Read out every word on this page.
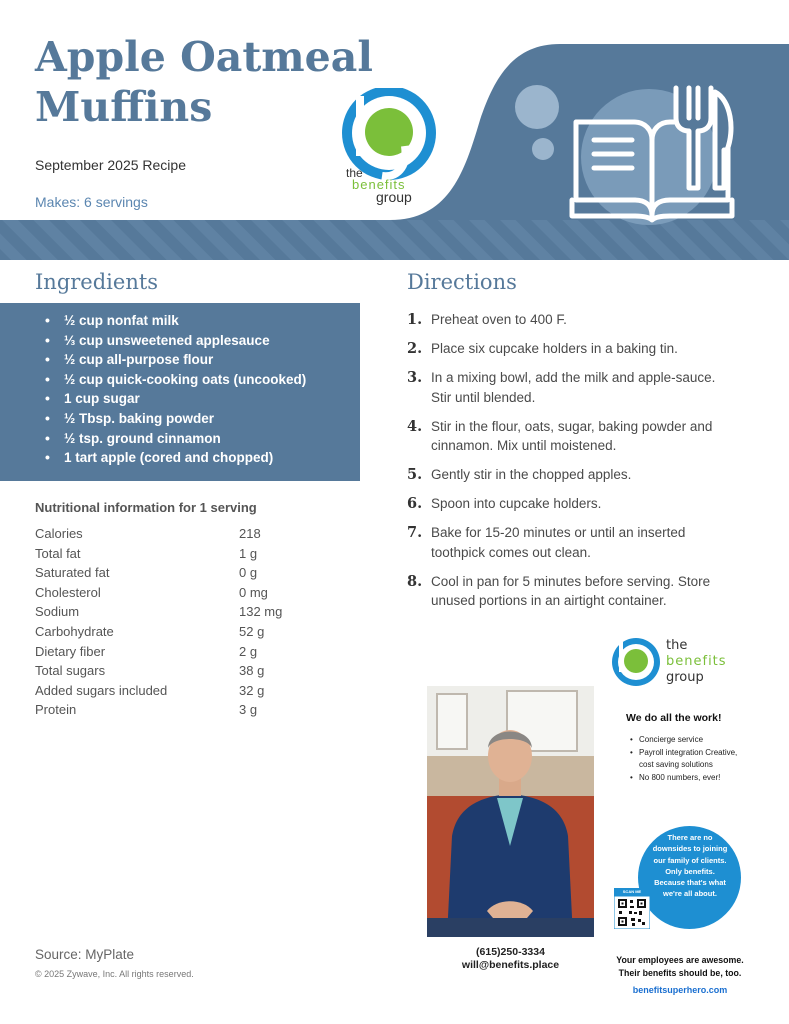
the
benefits
group
Apple Oatmeal
Muffins
September 2025 Recipe
Makes: 6 servings
Ingredients
• ½ cup nonfat milk
• ⅓ cup unsweetened applesauce
• ½ cup all-purpose flour
• ½ cup quick-cooking oats (uncooked)
• 1 cup sugar
• ½ Tbsp. baking powder
• ½ tsp. ground cinnamon
• 1 tart apple (cored and chopped)
Nutritional information for 1 serving
Calories	218
Total fat	1 g
Saturated fat	0 g
Cholesterol	0 mg
Sodium	132 mg
Carbohydrate	52 g
Dietary fiber	2 g
Total sugars	38 g
Added sugars included	32 g
Protein	3 g
Directions
1. Preheat oven to 400 F.
2. Place six cupcake holders in a baking tin.
3. In a mixing bowl, add the milk and apple-sauce. Stir until blended.
4. Stir in the flour, oats, sugar, baking powder and cinnamon. Mix until moistened.
5. Gently stir in the chopped apples.
6. Spoon into cupcake holders.
7. Bake for 15-20 minutes or until an inserted toothpick comes out clean.
8. Cool in pan for 5 minutes before serving. Store unused portions in an airtight container.
the
benefits
group
(615)250-3334
will@benefits.place
We do all the work!
• Concierge service
• Payroll integration Creative, cost saving solutions
• No 800 numbers, ever!
There are no downsides to joining our family of clients. Only benefits. Because that's what we're all about.
SCAN ME
Your employees are awesome.
Their benefits should be, too.
benefitsuperhero.com
Source: MyPlate
© 2025 Zywave, Inc. All rights reserved.
